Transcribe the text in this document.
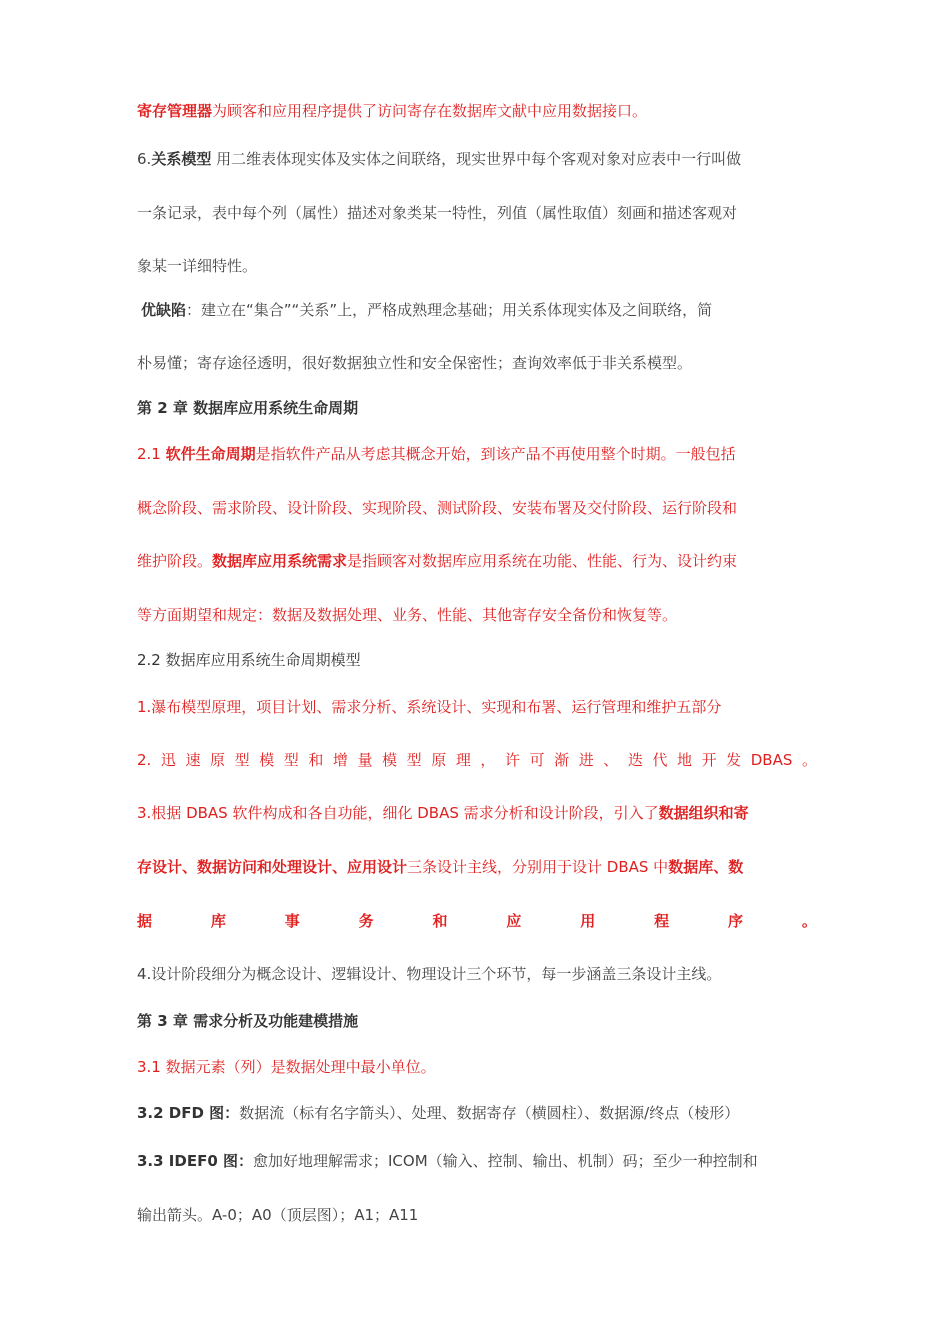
寄存管理器为顾客和应用程序提供了访问寄存在数据库文献中应用数据接口。
6.关系模型 用二维表体现实体及实体之间联络，现实世界中每个客观对象对应表中一行叫做
一条记录，表中每个列（属性）描述对象类某一特性，列值（属性取值）刻画和描述客观对
象某一详细特性。
优缺陷：建立在“集合”“关系”上，严格成熟理念基础；用关系体现实体及之间联络，简
朴易懂；寄存途径透明，很好数据独立性和安全保密性；查询效率低于非关系模型。
第 2 章 数据库应用系统生命周期
2.1 软件生命周期是指软件产品从考虑其概念开始，到该产品不再使用整个时期。一般包括
概念阶段、需求阶段、设计阶段、实现阶段、测试阶段、安装布署及交付阶段、运行阶段和
维护阶段。数据库应用系统需求是指顾客对数据库应用系统在功能、性能、行为、设计约束
等方面期望和规定：数据及数据处理、业务、性能、其他寄存安全备份和恢复等。
2.2 数据库应用系统生命周期模型
1.瀑布模型原理，项目计划、需求分析、系统设计、实现和布署、运行管理和维护五部分
2. 迅 速 原 型 模 型 和 增 量 模 型 原 理 ， 许 可 渐 进 、 迭 代 地 开 发 DBAS 。
3.根据 DBAS 软件构成和各自功能，细化 DBAS 需求分析和设计阶段，引入了数据组织和寄
存设计、数据访问和处理设计、应用设计三条设计主线，分别用于设计 DBAS 中数据库、数
据	库	事	务	和	应	用	程	序	。
4.设计阶段细分为概念设计、逻辑设计、物理设计三个环节，每一步涵盖三条设计主线。
第 3 章 需求分析及功能建模措施
3.1 数据元素（列）是数据处理中最小单位。
3.2 DFD 图：数据流（标有名字箭头）、处理、数据寄存（横圆柱）、数据源/终点（棱形）
3.3 IDEF0 图：愈加好地理解需求；ICOM（输入、控制、输出、机制）码；至少一种控制和
输出箭头。A-0；A0（顶层图）；A1；A11
